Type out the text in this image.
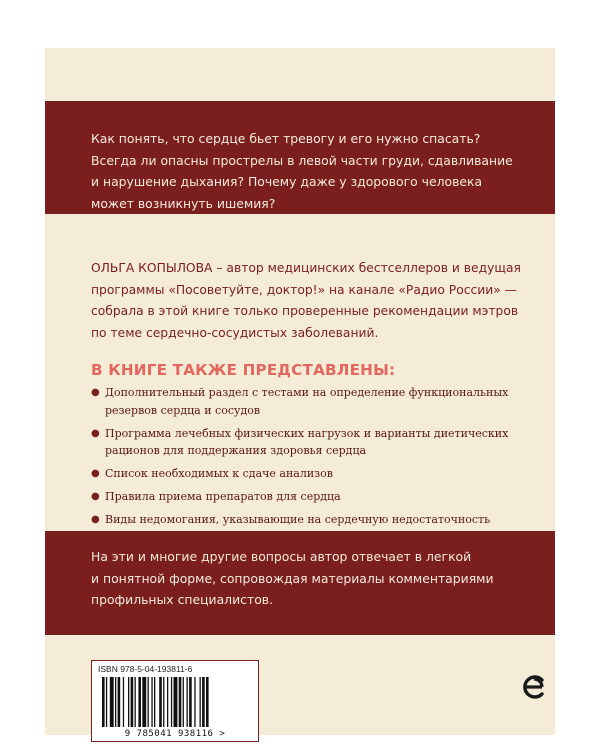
Как понять, что сердце бьет тревогу и его нужно спасать?

Всегда ли опасны прострелы в левой части груди, сдавливание

и нарушение дыхания? Почему даже у здорового человека

может возникнуть ишемия?

ОЛЬГА КОПЫЛОВА – автор медицинских бестселлеров и ведущая
программы «Посоветуйте, доктор!» на канале «Радио России» —
собрала в этой книге только проверенные рекомендации мэтров
по теме сердечно-сосудистых заболеваний.
В КНИГЕ ТАКЖЕ ПРЕДСТАВЛЕНЫ:
● Дополнительный раздел с тестами на определение функциональных резервов сердца и сосудов
● Программа лечебных физических нагрузок и варианты диетических рационов для поддержания здоровья сердца
● Список необходимых к сдаче анализов
● Правила приема препаратов для сердца
● Виды недомогания, указывающие на сердечную недостаточность

На эти и многие другие вопросы автор отвечает в легкой

и понятной форме, сопровождая материалы комментариями

профильных специалистов.

ISBN 978-5-04-193811-6
9 785041 938116 >
